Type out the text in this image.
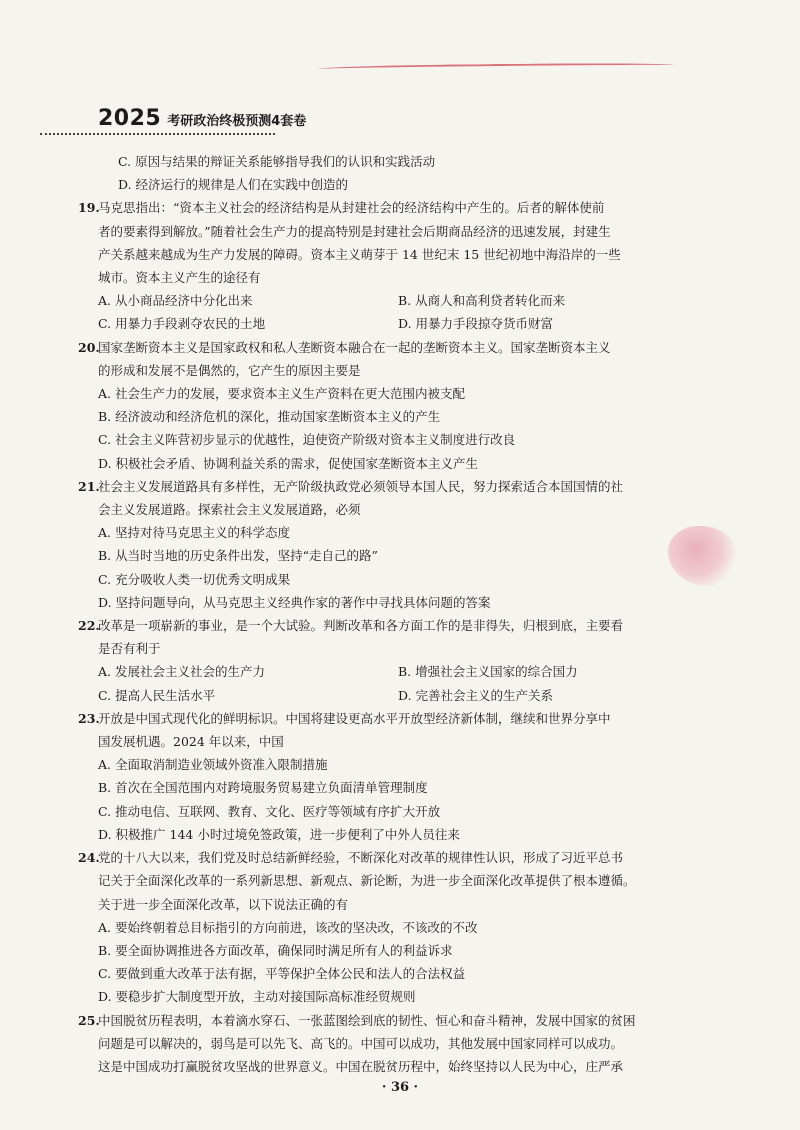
2025 考研政治终极预测4套卷
C. 原因与结果的辩证关系能够指导我们的认识和实践活动
D. 经济运行的规律是人们在实践中创造的
19.马克思指出：“资本主义社会的经济结构是从封建社会的经济结构中产生的。后者的解体使前
者的要素得到解放。”随着社会生产力的提高特别是封建社会后期商品经济的迅速发展，封建生
产关系越来越成为生产力发展的障碍。资本主义萌芽于 14 世纪末 15 世纪初地中海沿岸的一些
城市。资本主义产生的途径有
A. 从小商品经济中分化出来	B. 从商人和高利贷者转化而来
C. 用暴力手段剥夺农民的土地	D. 用暴力手段掠夺货币财富
20.国家垄断资本主义是国家政权和私人垄断资本融合在一起的垄断资本主义。国家垄断资本主义
的形成和发展不是偶然的，它产生的原因主要是
A. 社会生产力的发展，要求资本主义生产资料在更大范围内被支配
B. 经济波动和经济危机的深化，推动国家垄断资本主义的产生
C. 社会主义阵营初步显示的优越性，迫使资产阶级对资本主义制度进行改良
D. 积极社会矛盾、协调利益关系的需求，促使国家垄断资本主义产生
21.社会主义发展道路具有多样性，无产阶级执政党必须领导本国人民，努力探索适合本国国情的社
会主义发展道路。探索社会主义发展道路，必须
A. 坚持对待马克思主义的科学态度
B. 从当时当地的历史条件出发，坚持“走自己的路”
C. 充分吸收人类一切优秀文明成果
D. 坚持问题导向，从马克思主义经典作家的著作中寻找具体问题的答案
22.改革是一项崭新的事业，是一个大试验。判断改革和各方面工作的是非得失，归根到底，主要看
是否有利于
A. 发展社会主义社会的生产力	B. 增强社会主义国家的综合国力
C. 提高人民生活水平	D. 完善社会主义的生产关系
23.开放是中国式现代化的鲜明标识。中国将建设更高水平开放型经济新体制，继续和世界分享中
国发展机遇。2024 年以来，中国
A. 全面取消制造业领域外资准入限制措施
B. 首次在全国范围内对跨境服务贸易建立负面清单管理制度
C. 推动电信、互联网、教育、文化、医疗等领域有序扩大开放
D. 积极推广 144 小时过境免签政策，进一步便利了中外人员往来
24.党的十八大以来，我们党及时总结新鲜经验，不断深化对改革的规律性认识，形成了习近平总书
记关于全面深化改革的一系列新思想、新观点、新论断，为进一步全面深化改革提供了根本遵循。
关于进一步全面深化改革，以下说法正确的有
A. 要始终朝着总目标指引的方向前进，该改的坚决改，不该改的不改
B. 要全面协调推进各方面改革，确保同时满足所有人的利益诉求
C. 要做到重大改革于法有据，平等保护全体公民和法人的合法权益
D. 要稳步扩大制度型开放，主动对接国际高标准经贸规则
25.中国脱贫历程表明，本着滴水穿石、一张蓝图绘到底的韧性、恒心和奋斗精神，发展中国家的贫困
问题是可以解决的，弱鸟是可以先飞、高飞的。中国可以成功，其他发展中国家同样可以成功。
这是中国成功打赢脱贫攻坚战的世界意义。中国在脱贫历程中，始终坚持以人民为中心，庄严承
· 36 ·
